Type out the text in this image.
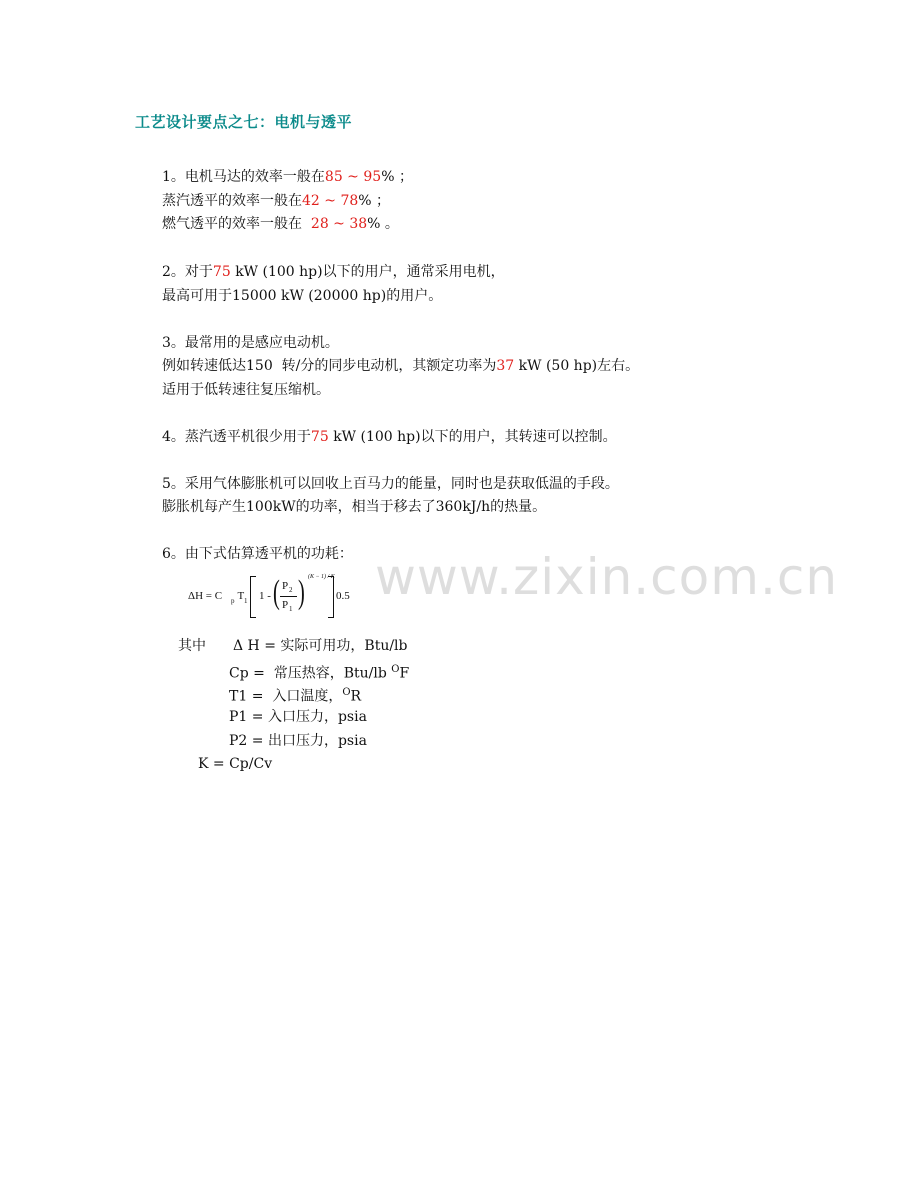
www.zixin.com.cn
工艺设计要点之七：电机与透平
1。电机马达的效率一般在85 ~ 95% ；
蒸汽透平的效率一般在42 ~ 78% ；
燃气透平的效率一般在  28 ~ 38% 。
2。对于75 kW (100 hp)以下的用户，通常采用电机，
最高可用于15000 kW (20000 hp)的用户。
3。最常用的是感应电动机。
例如转速低达150  转/分的同步电动机，其额定功率为37 kW (50 hp)左右。
适用于低转速往复压缩机。
4。蒸汽透平机很少用于75 kW (100 hp)以下的用户，其转速可以控制。
5。采用气体膨胀机可以回收上百马力的能量，同时也是获取低温的手段。
膨胀机每产生100kW的功率，相当于移去了360kJ/h的热量。
6。由下式估算透平机的功耗：
ΔH = C p T 1 1 - ( P 2
P 1 ) (K − 1) / K
0.5
其中 Δ H = 实际可用功，Btu/lb
Cp =  常压热容，Btu/lb $^O$F
T1 =  入口温度，$^O$R
P1 = 入口压力，psia
P2 = 出口压力，psia
K = Cp/Cv
